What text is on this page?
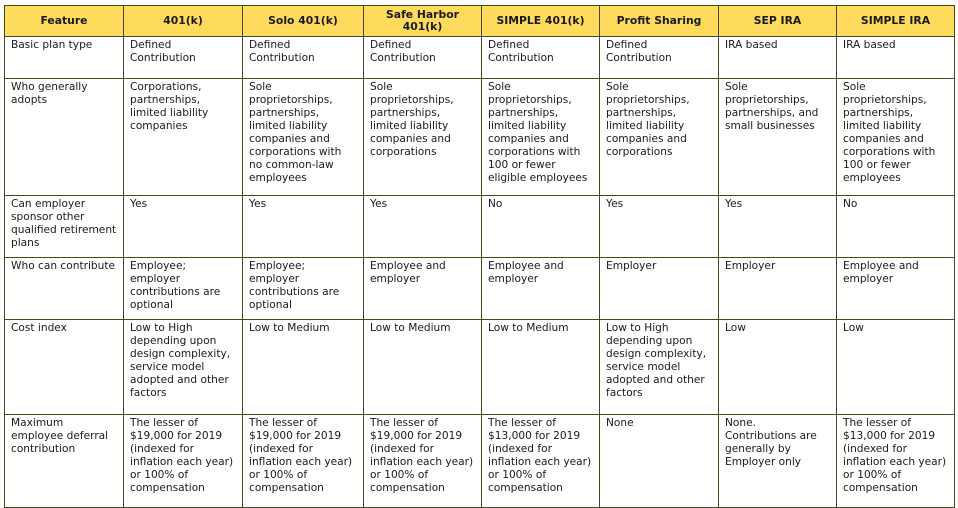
Feature	401(k)	Solo 401(k)	Safe Harbor 401(k)	SIMPLE 401(k)	Profit Sharing	SEP IRA	SIMPLE IRA
Basic plan type	Defined Contribution	Defined Contribution	Defined Contribution	Defined Contribution	Defined Contribution	IRA based	IRA based
Who generally adopts	Corporations, partnerships, limited liability companies	Sole proprietorships, partnerships, limited liability companies and corporations with no common-law employees	Sole proprietorships, partnerships, limited liability companies and corporations	Sole proprietorships, partnerships, limited liability companies and corporations with 100 or fewer eligible employees	Sole proprietorships, partnerships, limited liability companies and corporations	Sole proprietorships, partnerships, and small businesses	Sole proprietorships, partnerships, limited liability companies and corporations with 100 or fewer employees
Can employer sponsor other qualified retirement plans	Yes	Yes	Yes	No	Yes	Yes	No
Who can contribute	Employee; employer contributions are optional	Employee; employer contributions are optional	Employee and employer	Employee and employer	Employer	Employer	Employee and employer
Cost index	Low to High depending upon design complexity, service model adopted and other factors	Low to Medium	Low to Medium	Low to Medium	Low to High depending upon design complexity, service model adopted and other factors	Low	Low
Maximum employee deferral contribution	The lesser of $19,000 for 2019 (indexed for inflation each year) or 100% of compensation	The lesser of $19,000 for 2019 (indexed for inflation each year) or 100% of compensation	The lesser of $19,000 for 2019 (indexed for inflation each year) or 100% of compensation	The lesser of $13,000 for 2019 (indexed for inflation each year) or 100% of compensation	None	None. Contributions are generally by Employer only	The lesser of $13,000 for 2019 (indexed for inflation each year) or 100% of compensation
